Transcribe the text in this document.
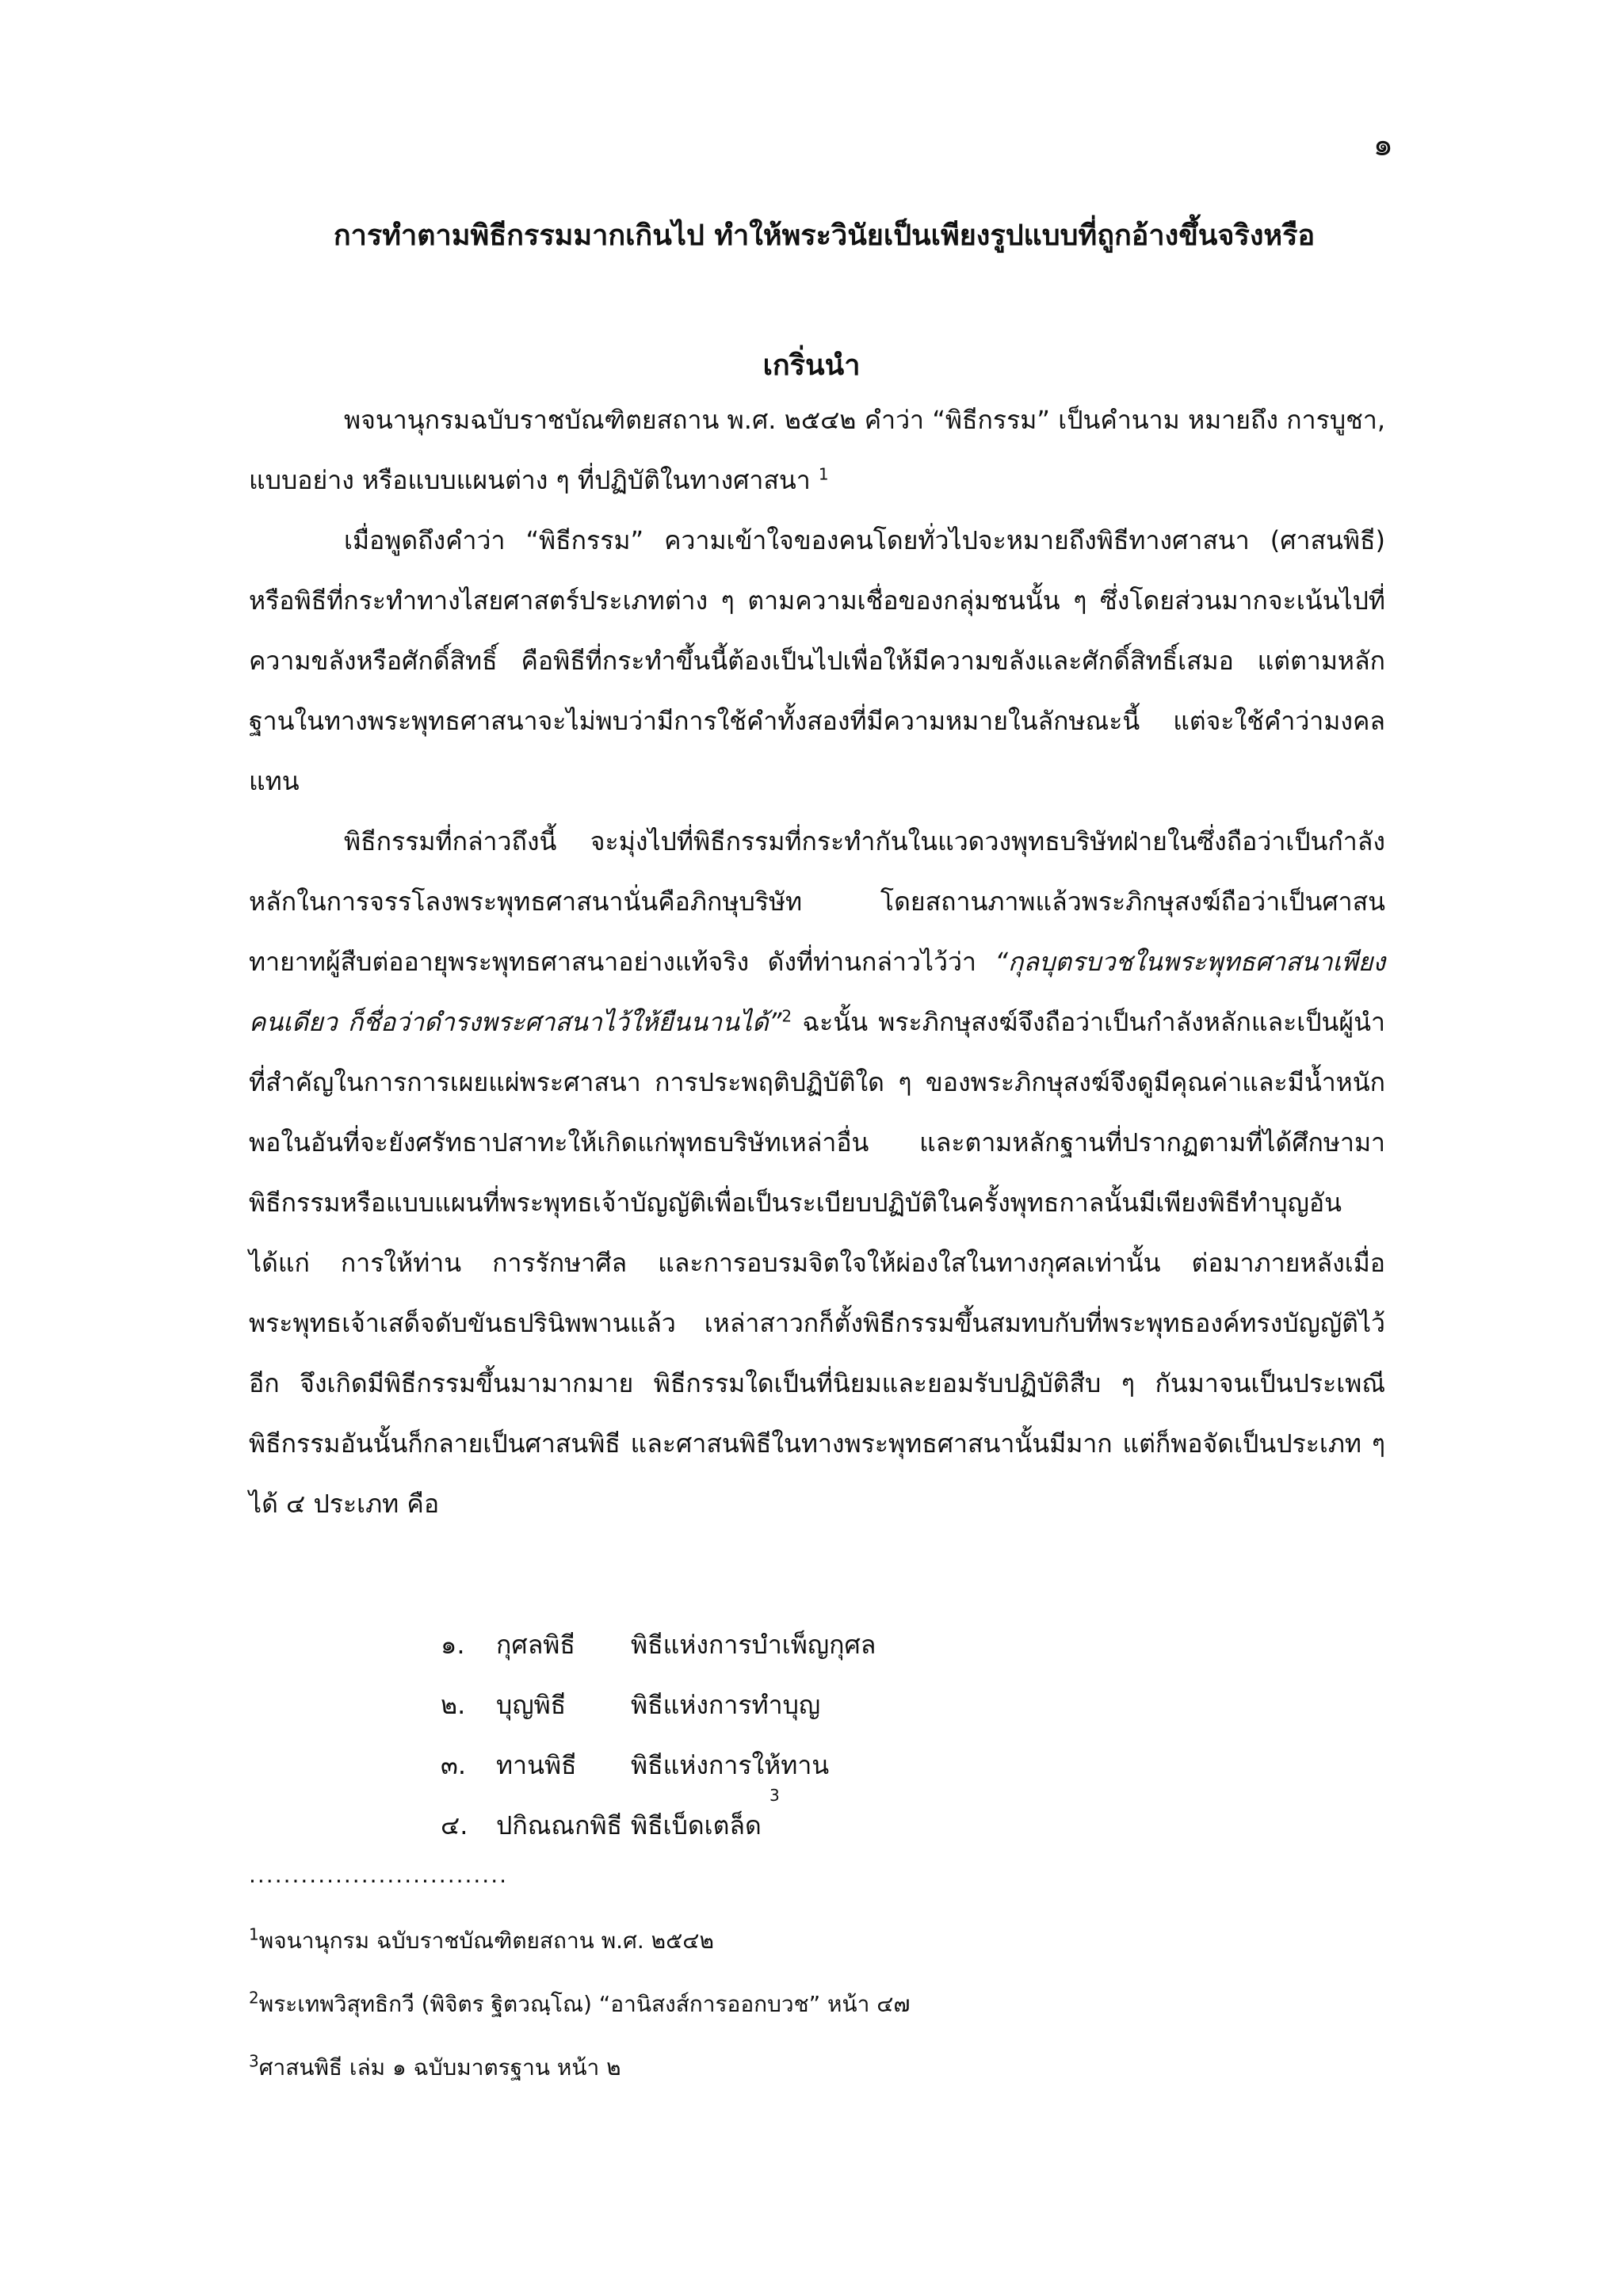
๑
การทำตามพิธีกรรมมากเกินไป ทำให้พระวินัยเป็นเพียงรูปแบบที่ถูกอ้างขึ้นจริงหรือ
เกริ่นนำ

พจนานุกรมฉบับราชบัณฑิตยสถาน พ.ศ. ๒๕๔๒ คำว่า “พิธีกรรม” เป็นคำนาม หมายถึง การบูชา, แบบอย่าง หรือแบบแผนต่าง ๆ ที่ปฏิบัติในทางศาสนา $^1$

เมื่อพูดถึงคำว่า “พิธีกรรม” ความเข้าใจของคนโดยทั่วไปจะหมายถึงพิธีทางศาสนา (ศาสนพิธี) หรือพิธีที่กระทำทางไสยศาสตร์ประเภทต่าง ๆ ตามความเชื่อของกลุ่มชนนั้น ๆ ซึ่งโดยส่วนมากจะเน้นไปที่ความขลังหรือศักดิ์สิทธิ์ คือพิธีที่กระทำขึ้นนี้ต้องเป็นไปเพื่อให้มีความขลังและศักดิ์สิทธิ์เสมอ แต่ตามหลักฐานในทางพระพุทธศาสนาจะไม่พบว่ามีการใช้คำทั้งสองที่มีความหมายในลักษณะนี้ แต่จะใช้คำว่ามงคลแทน

พิธีกรรมที่กล่าวถึงนี้ จะมุ่งไปที่พิธีกรรมที่กระทำกันในแวดวงพุทธบริษัทฝ่ายในซึ่งถือว่าเป็นกำลังหลักในการจรรโลงพระพุทธศาสนานั่นคือภิกษุบริษัท โดยสถานภาพแล้วพระภิกษุสงฆ์ถือว่าเป็นศาสนทายาทผู้สืบต่ออายุพระพุทธศาสนาอย่างแท้จริง ดังที่ท่านกล่าวไว้ว่า “กุลบุตรบวชในพระพุทธศาสนาเพียงคนเดียว ก็ชื่อว่าดำรงพระศาสนาไว้ให้ยืนนานได้”$^2$ ฉะนั้น พระภิกษุสงฆ์จึงถือว่าเป็นกำลังหลักและเป็นผู้นำที่สำคัญในการการเผยแผ่พระศาสนา การประพฤติปฏิบัติใด ๆ ของพระภิกษุสงฆ์จึงดูมีคุณค่าและมีน้ำหนักพอในอันที่จะยังศรัทธาปสาทะให้เกิดแก่พุทธบริษัทเหล่าอื่น และตามหลักฐานที่ปรากฏตามที่ได้ศึกษามา พิธีกรรมหรือแบบแผนที่พระพุทธเจ้าบัญญัติเพื่อเป็นระเบียบปฏิบัติในครั้งพุทธกาลนั้นมีเพียงพิธีทำบุญอันได้แก่ การให้ท่าน การรักษาศีล และการอบรมจิตใจให้ผ่องใสในทางกุศลเท่านั้น ต่อมาภายหลังเมื่อพระพุทธเจ้าเสด็จดับขันธปรินิพพานแล้ว เหล่าสาวกก็ตั้งพิธีกรรมขึ้นสมทบกับที่พระพุทธองค์ทรงบัญญัติไว้อีก จึงเกิดมีพิธีกรรมขึ้นมามากมาย พิธีกรรมใดเป็นที่นิยมและยอมรับปฏิบัติสืบ ๆ กันมาจนเป็นประเพณี พิธีกรรมอันนั้นก็กลายเป็นศาสนพิธี และศาสนพิธีในทางพระพุทธศาสนานั้นมีมาก แต่ก็พอจัดเป็นประเภท ๆ ได้ ๔ ประเภท คือ

๑.	กุศลพิธี	พิธีแห่งการบำเพ็ญกุศล
๒.	บุญพิธี	พิธีแห่งการทำบุญ
๓.	ทานพิธี	พิธีแห่งการให้ทาน
๔.	ปกิณณกพิธี พิธีเบ็ดเตล็ด

3
..............................

$^1$พจนานุกรม ฉบับราชบัณฑิตยสถาน พ.ศ. ๒๕๔๒

$^2$พระเทพวิสุทธิกวี (พิจิตร ฐิตวณฺโณ) “อานิสงส์การออกบวช” หน้า ๔๗

$^3$ศาสนพิธี เล่ม ๑ ฉบับมาตรฐาน หน้า ๒
